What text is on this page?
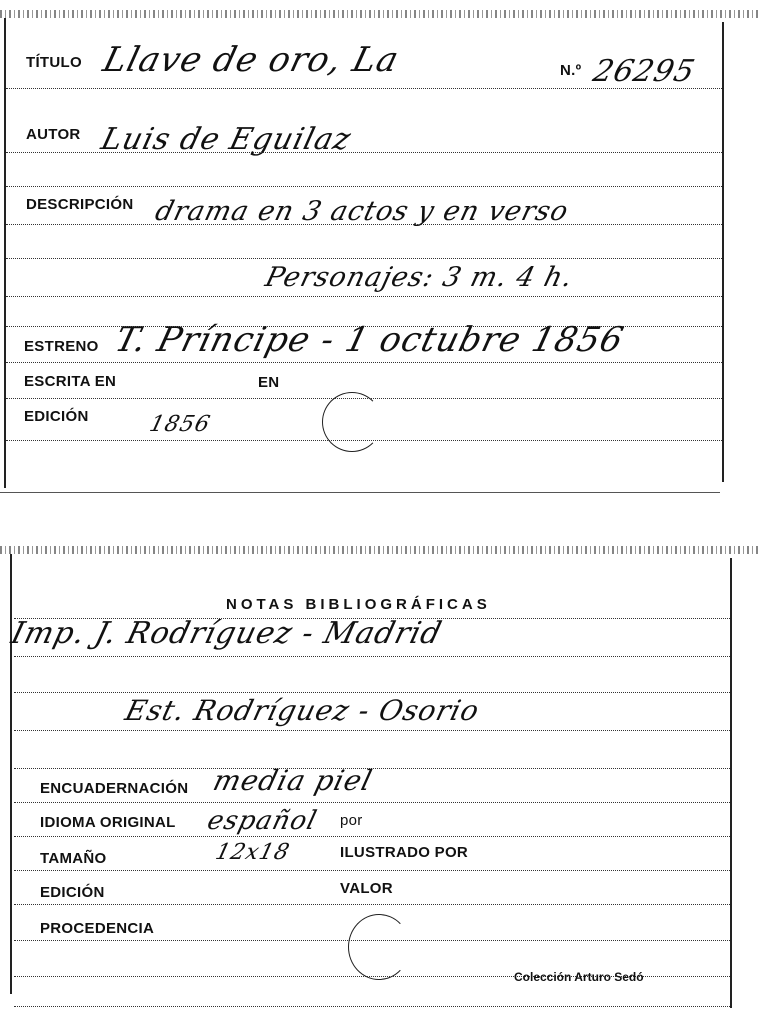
TÍTULO Llave de oro, La	N.º 26295
AUTOR Luis de Eguilaz
DESCRIPCIÓN drama en 3 actos y en verso
Personajes: 3 m. 4 h.
ESTRENO T. Príncipe - 1 octubre 1856
ESCRITA EN	EN
EDICIÓN	1856
NOTAS BIBLIOGRÁFICAS
Imp. J. Rodríguez - Madrid
Est. Rodríguez - Osorio
ENCUADERNACIÓN media piel
IDIOMA ORIGINAL español por
TAMAÑO	12x18	ILUSTRADO POR
EDICIÓN	VALOR
PROCEDENCIA
Colección Arturo Sedó
